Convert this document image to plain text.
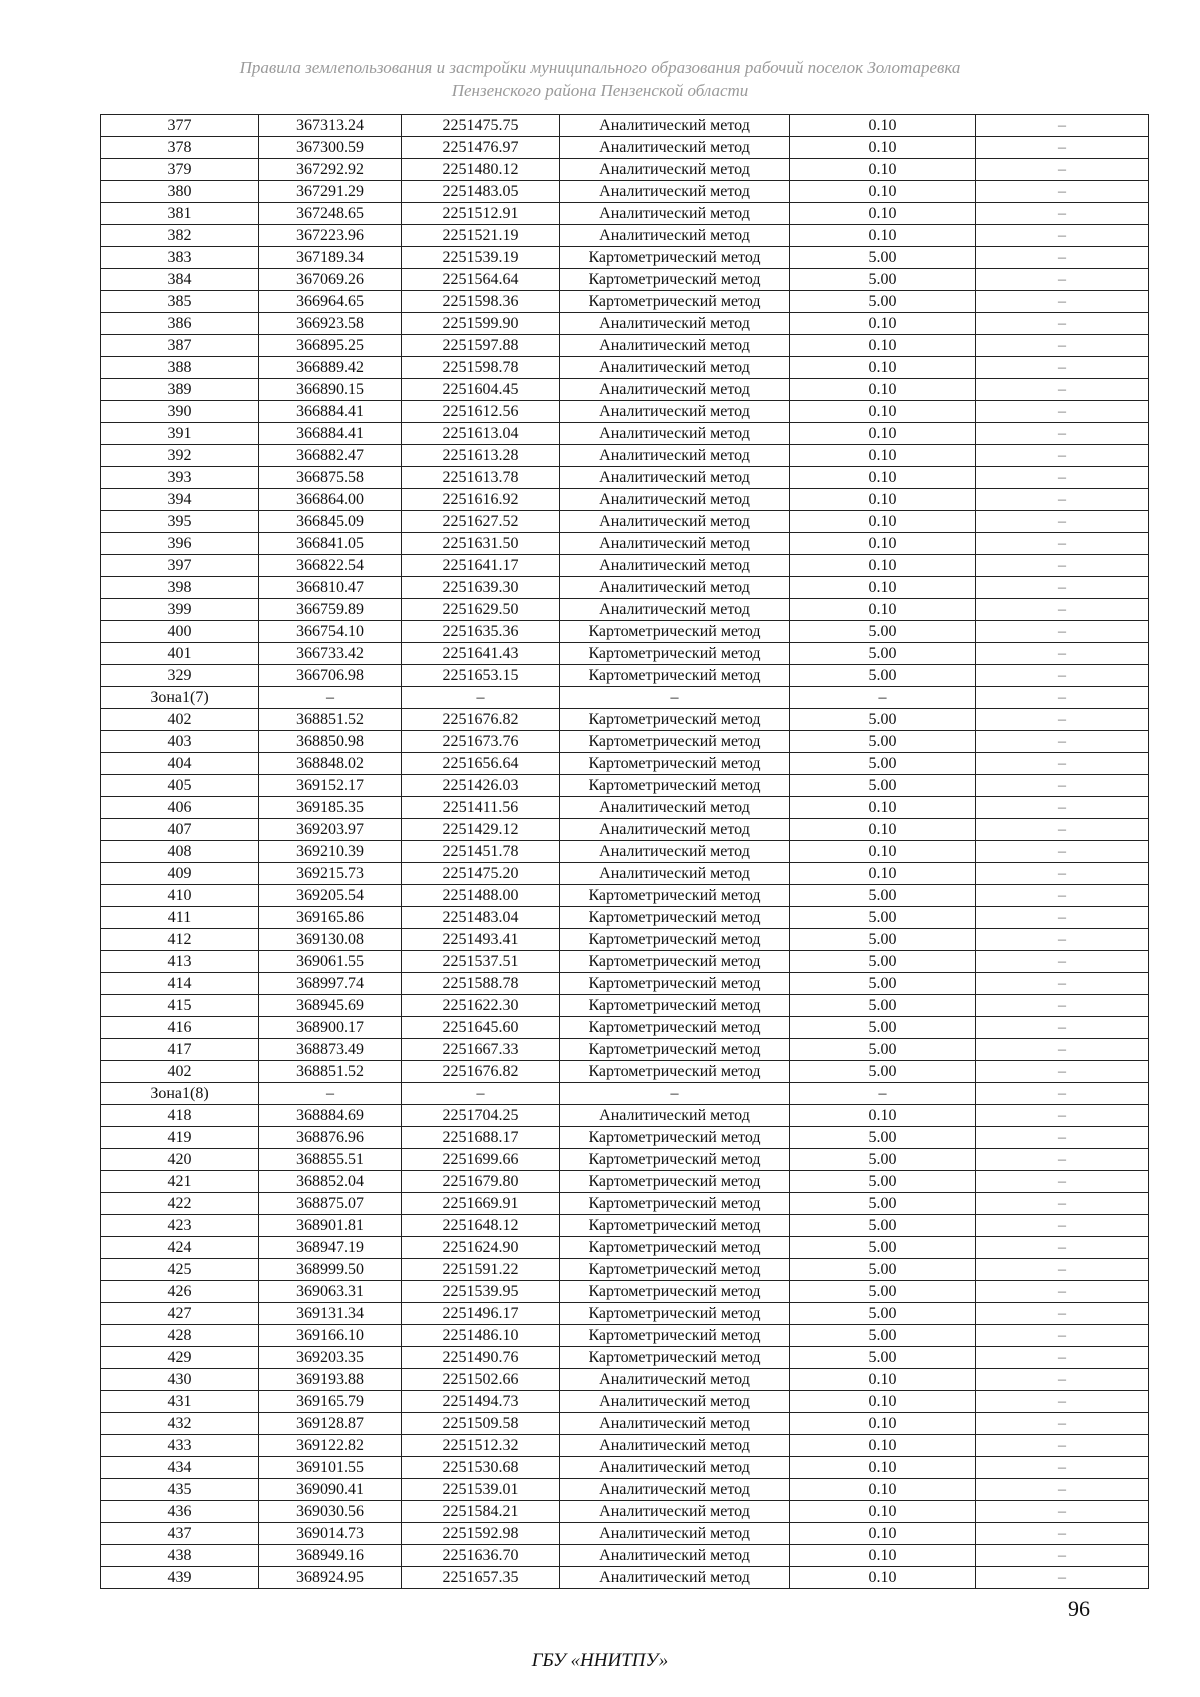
Правила землепользования и застройки муниципального образования рабочий поселок Золотаревка
Пензенского района Пензенской области
377	367313.24	2251475.75	Аналитический метод	0.10	–
378	367300.59	2251476.97	Аналитический метод	0.10	–
379	367292.92	2251480.12	Аналитический метод	0.10	–
380	367291.29	2251483.05	Аналитический метод	0.10	–
381	367248.65	2251512.91	Аналитический метод	0.10	–
382	367223.96	2251521.19	Аналитический метод	0.10	–
383	367189.34	2251539.19	Картометрический метод	5.00	–
384	367069.26	2251564.64	Картометрический метод	5.00	–
385	366964.65	2251598.36	Картометрический метод	5.00	–
386	366923.58	2251599.90	Аналитический метод	0.10	–
387	366895.25	2251597.88	Аналитический метод	0.10	–
388	366889.42	2251598.78	Аналитический метод	0.10	–
389	366890.15	2251604.45	Аналитический метод	0.10	–
390	366884.41	2251612.56	Аналитический метод	0.10	–
391	366884.41	2251613.04	Аналитический метод	0.10	–
392	366882.47	2251613.28	Аналитический метод	0.10	–
393	366875.58	2251613.78	Аналитический метод	0.10	–
394	366864.00	2251616.92	Аналитический метод	0.10	–
395	366845.09	2251627.52	Аналитический метод	0.10	–
396	366841.05	2251631.50	Аналитический метод	0.10	–
397	366822.54	2251641.17	Аналитический метод	0.10	–
398	366810.47	2251639.30	Аналитический метод	0.10	–
399	366759.89	2251629.50	Аналитический метод	0.10	–
400	366754.10	2251635.36	Картометрический метод	5.00	–
401	366733.42	2251641.43	Картометрический метод	5.00	–
329	366706.98	2251653.15	Картометрический метод	5.00	–
Зона1(7)	–	–	–	–	–
402	368851.52	2251676.82	Картометрический метод	5.00	–
403	368850.98	2251673.76	Картометрический метод	5.00	–
404	368848.02	2251656.64	Картометрический метод	5.00	–
405	369152.17	2251426.03	Картометрический метод	5.00	–
406	369185.35	2251411.56	Аналитический метод	0.10	–
407	369203.97	2251429.12	Аналитический метод	0.10	–
408	369210.39	2251451.78	Аналитический метод	0.10	–
409	369215.73	2251475.20	Аналитический метод	0.10	–
410	369205.54	2251488.00	Картометрический метод	5.00	–
411	369165.86	2251483.04	Картометрический метод	5.00	–
412	369130.08	2251493.41	Картометрический метод	5.00	–
413	369061.55	2251537.51	Картометрический метод	5.00	–
414	368997.74	2251588.78	Картометрический метод	5.00	–
415	368945.69	2251622.30	Картометрический метод	5.00	–
416	368900.17	2251645.60	Картометрический метод	5.00	–
417	368873.49	2251667.33	Картометрический метод	5.00	–
402	368851.52	2251676.82	Картометрический метод	5.00	–
Зона1(8)	–	–	–	–	–
418	368884.69	2251704.25	Аналитический метод	0.10	–
419	368876.96	2251688.17	Картометрический метод	5.00	–
420	368855.51	2251699.66	Картометрический метод	5.00	–
421	368852.04	2251679.80	Картометрический метод	5.00	–
422	368875.07	2251669.91	Картометрический метод	5.00	–
423	368901.81	2251648.12	Картометрический метод	5.00	–
424	368947.19	2251624.90	Картометрический метод	5.00	–
425	368999.50	2251591.22	Картометрический метод	5.00	–
426	369063.31	2251539.95	Картометрический метод	5.00	–
427	369131.34	2251496.17	Картометрический метод	5.00	–
428	369166.10	2251486.10	Картометрический метод	5.00	–
429	369203.35	2251490.76	Картометрический метод	5.00	–
430	369193.88	2251502.66	Аналитический метод	0.10	–
431	369165.79	2251494.73	Аналитический метод	0.10	–
432	369128.87	2251509.58	Аналитический метод	0.10	–
433	369122.82	2251512.32	Аналитический метод	0.10	–
434	369101.55	2251530.68	Аналитический метод	0.10	–
435	369090.41	2251539.01	Аналитический метод	0.10	–
436	369030.56	2251584.21	Аналитический метод	0.10	–
437	369014.73	2251592.98	Аналитический метод	0.10	–
438	368949.16	2251636.70	Аналитический метод	0.10	–
439	368924.95	2251657.35	Аналитический метод	0.10	–
96
ГБУ «ННИТПУ»
